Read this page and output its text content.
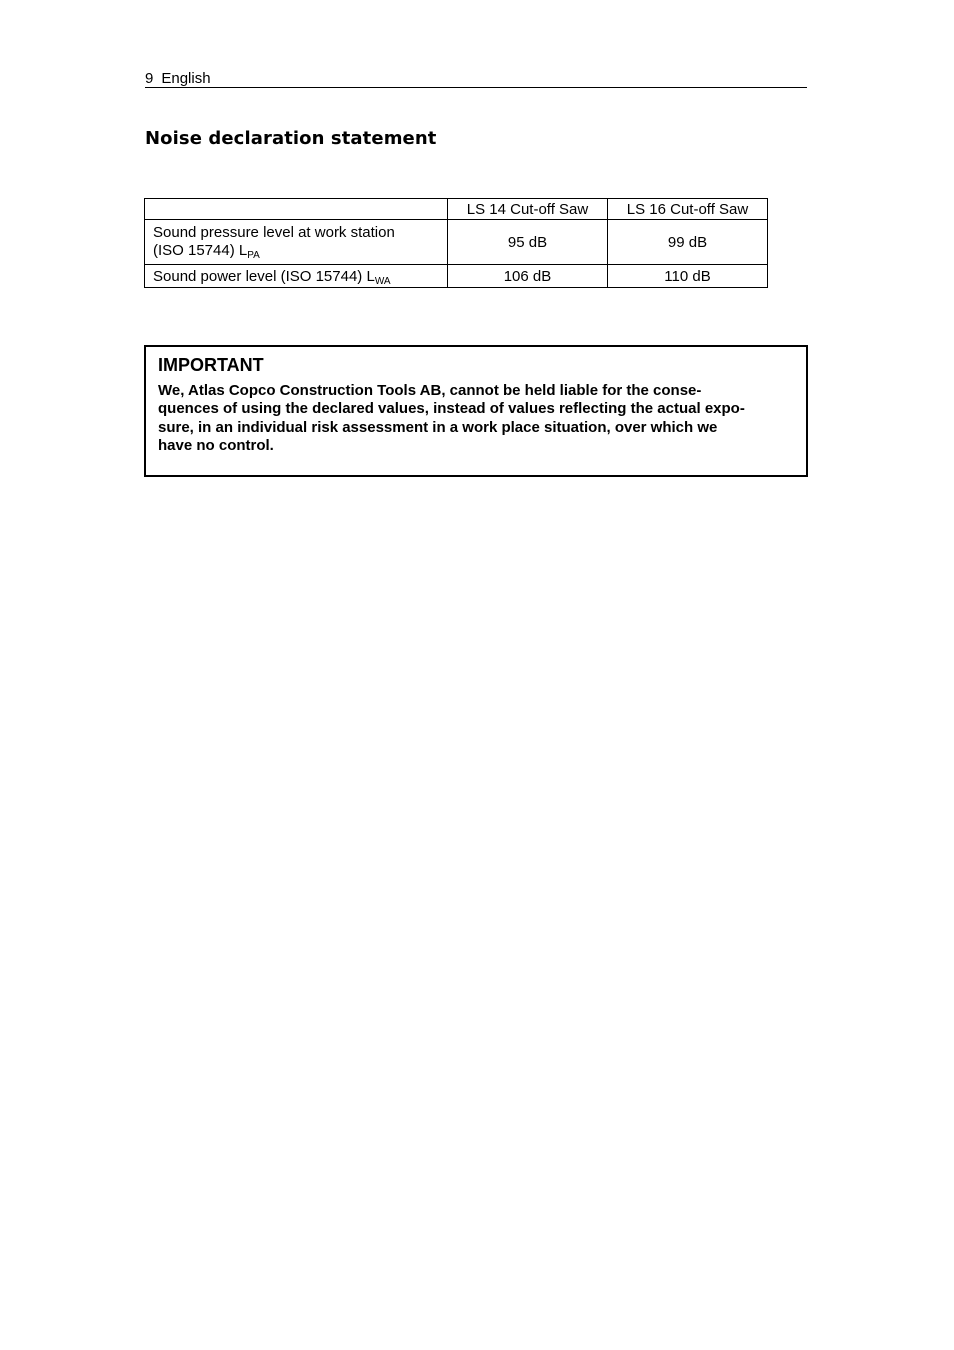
9 English
Noise declaration statement
	LS 14 Cut-off Saw	LS 16 Cut-off Saw

Sound pressure level at work station
(ISO 15744) $L_{PA}$	95 dB	99 dB
Sound power level (ISO 15744) $L_{WA}$	106 dB	110 dB
IMPORTANT
We, Atlas Copco Construction Tools AB, cannot be held liable for the conse-
quences of using the declared values, instead of values reflecting the actual expo-
sure, in an individual risk assessment in a work place situation, over which we
have no control.
